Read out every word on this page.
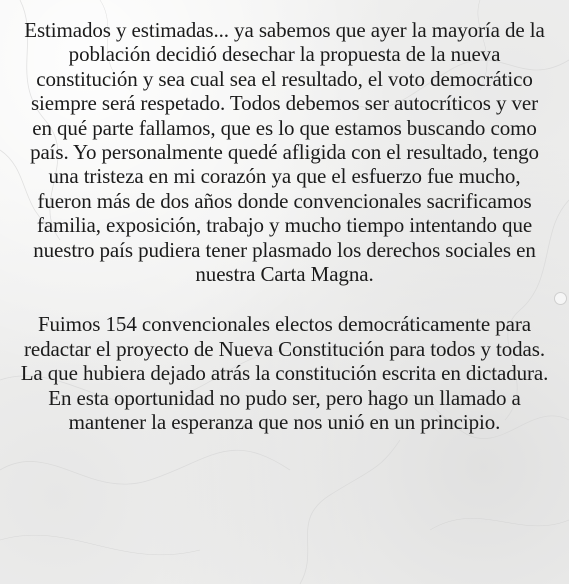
Estimados y estimadas... ya sabemos que ayer la mayoría de la población decidió desechar la propuesta de la nueva constitución y sea cual sea el resultado, el voto democrático siempre será respetado. Todos debemos ser autocríticos y ver en qué parte fallamos, que es lo que estamos buscando como país. Yo personalmente quedé afligida con el resultado, tengo una tristeza en mi corazón ya que el esfuerzo fue mucho, fueron más de dos años donde convencionales sacrificamos familia, exposición, trabajo y mucho tiempo intentando que nuestro país pudiera tener plasmado los derechos sociales en nuestra Carta Magna.

Fuimos 154 convencionales electos democráticamente para redactar el proyecto de Nueva Constitución para todos y todas. La que hubiera dejado atrás la constitución escrita en dictadura. En esta oportunidad no pudo ser, pero hago un llamado a mantener la esperanza que nos unió en un principio.
